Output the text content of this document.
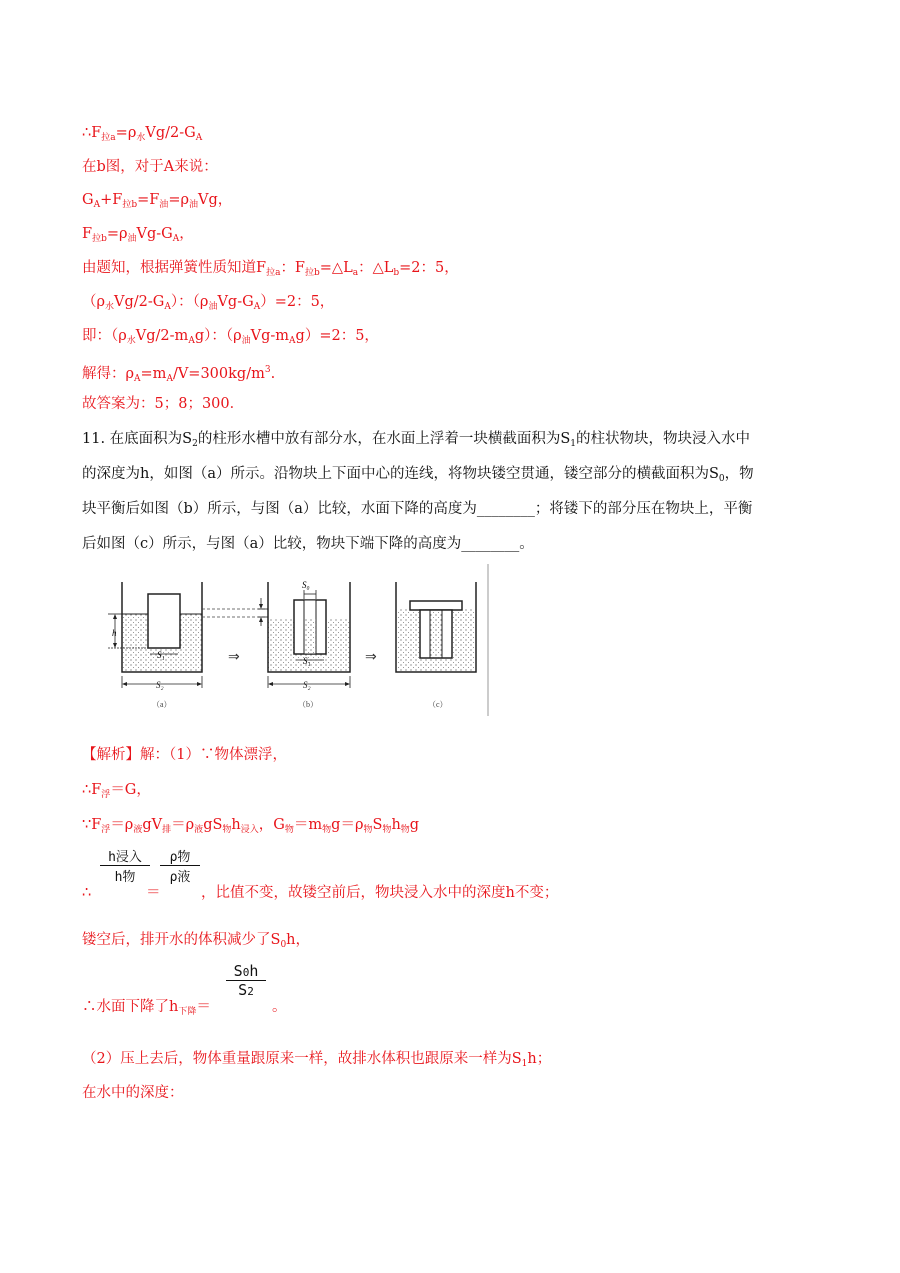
$\therefore F_{拉a}=\rho_水Vg/2-G_A$
在b图，对于A来说：
$G_A+F_{拉b}=F_油=\rho_油Vg$，
$F_{拉b}=\rho_油Vg-G_A$，
由题知，根据弹簧性质知道$F_{拉a}$：$F_{拉b}=\triangle L_a$：$\triangle L_b=2$：5，
$(\rho_水Vg/2-G_A)$：$(\rho_油Vg-G_A)=2$：5，
即：$(\rho_水Vg/2-m_Ag)$：$(\rho_油Vg-m_Ag)=2$：5，
解得：$\rho_A=m_A/V=300kg/m^3$.
故答案为：5；8；300．
11. 在底面积为$S_2$的柱形水槽中放有部分水，在水面上浮着一块横截面积为$S_1$的柱状物块，物块浸入水中
的深度为h，如图（a）所示。沿物块上下面中心的连线，将物块镂空贯通，镂空部分的横截面积为$S_0$，物
块平衡后如图（b）所示，与图（a）比较，水面下降的高度为________；将镂下的部分压在物块上，平衡
后如图（c）所示，与图（a）比较，物块下端下降的高度为________。
h
S₁
S₂
（a）
⇒
S₀
S₁
S₂
（b）
⇒
（c）
【解析】解：（1）∵物体漂浮，
$\therefore F_浮=G$，
$\because F_浮=\rho_液gV_排=\rho_液gS_物h_{浸入}$，$G_物=m_物g=\rho_物S_物h_物g$
h浸入
h物
ρ物
ρ液
∴	＝	，比值不变，故镂空前后，物块浸入水中的深度h不变；
镂空后，排开水的体积减少了$S_0h$，
$\frac{S0h}{S2}$
∴水面下降了$h_{下降}=$	。
（2）压上去后，物体重量跟原来一样，故排水体积也跟原来一样为$S_1h$；
在水中的深度：
